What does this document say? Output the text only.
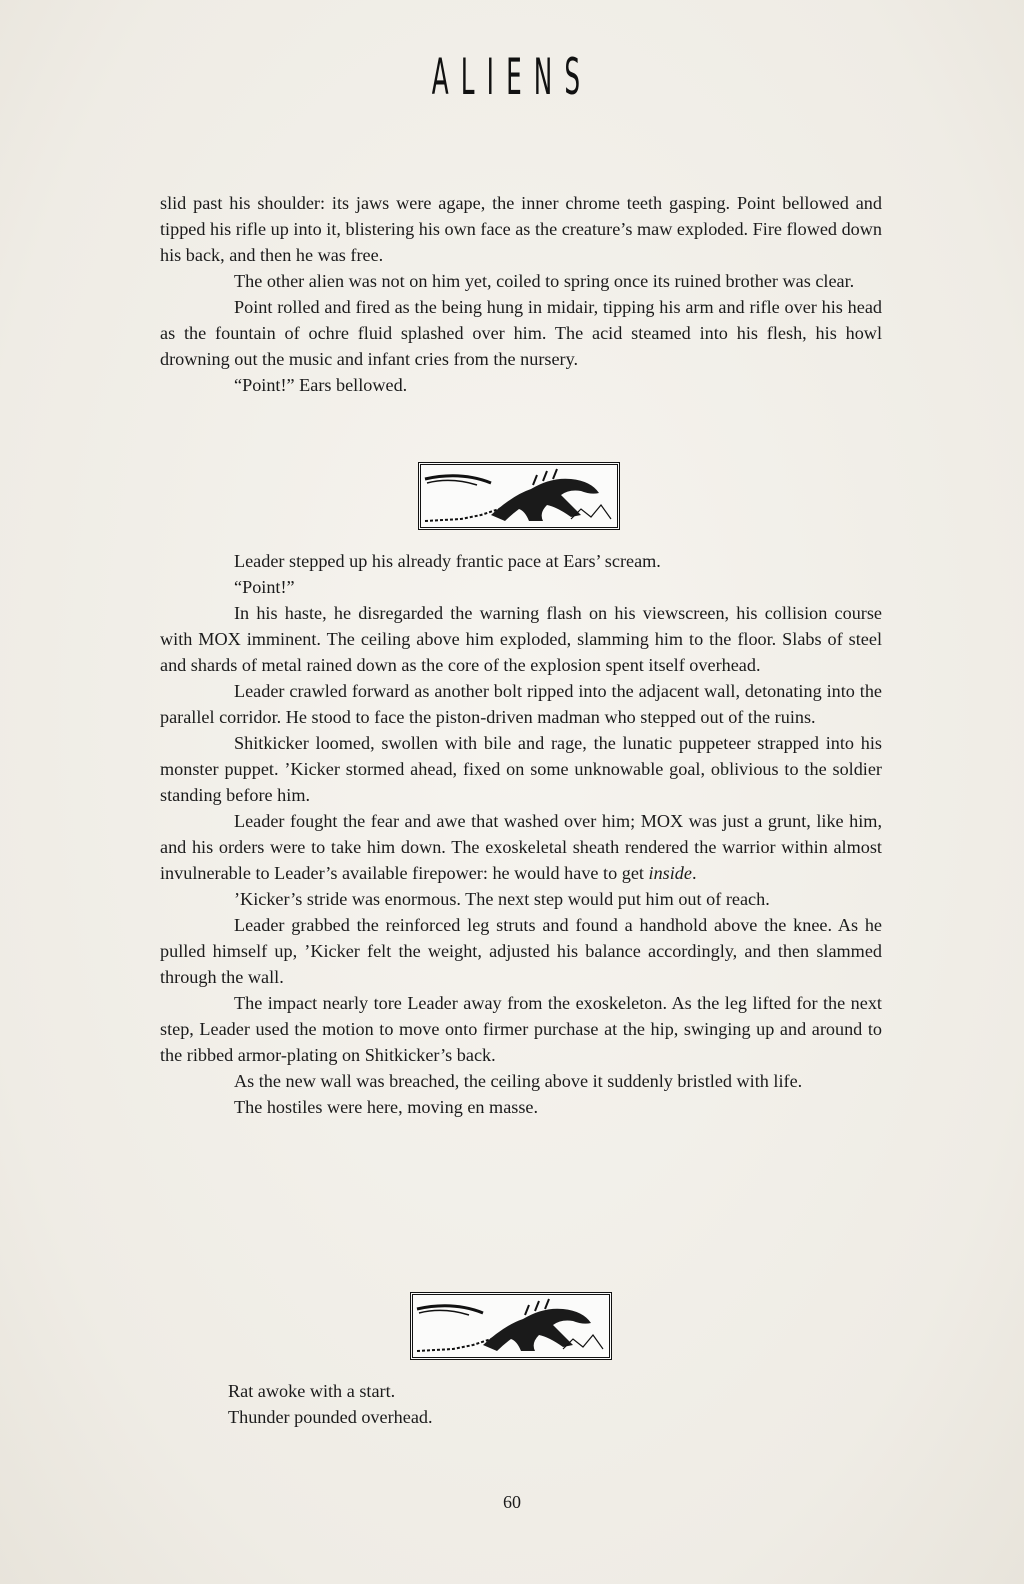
ALIENS

slid past his shoulder: its jaws were agape, the inner chrome teeth gasping. Point bellowed and tipped his rifle up into it, blistering his own face as the creature’s maw exploded. Fire flowed down his back, and then he was free.

The other alien was not on him yet, coiled to spring once its ruined brother was clear.

Point rolled and fired as the being hung in midair, tipping his arm and rifle over his head as the fountain of ochre fluid splashed over him. The acid steamed into his flesh, his howl drowning out the music and infant cries from the nursery.

“Point!” Ears bellowed.

Leader stepped up his already frantic pace at Ears’ scream.

“Point!”

In his haste, he disregarded the warning flash on his viewscreen, his collision course with MOX imminent. The ceiling above him exploded, slamming him to the floor. Slabs of steel and shards of metal rained down as the core of the explosion spent itself overhead.

Leader crawled forward as another bolt ripped into the adjacent wall, detonating into the parallel corridor. He stood to face the piston-driven madman who stepped out of the ruins.

Shitkicker loomed, swollen with bile and rage, the lunatic puppeteer strapped into his monster puppet. ’Kicker stormed ahead, fixed on some unknowable goal, oblivious to the soldier standing before him.

Leader fought the fear and awe that washed over him; MOX was just a grunt, like him, and his orders were to take him down. The exoskeletal sheath rendered the warrior within almost invulnerable to Leader’s available firepower: he would have to get inside.

’Kicker’s stride was enormous. The next step would put him out of reach.

Leader grabbed the reinforced leg struts and found a handhold above the knee. As he pulled himself up, ’Kicker felt the weight, adjusted his balance accordingly, and then slammed through the wall.

The impact nearly tore Leader away from the exoskeleton. As the leg lifted for the next step, Leader used the motion to move onto firmer purchase at the hip, swinging up and around to the ribbed armor-plating on Shitkicker’s back.

As the new wall was breached, the ceiling above it suddenly bristled with life.

The hostiles were here, moving en masse.

Rat awoke with a start.

Thunder pounded overhead.

60
